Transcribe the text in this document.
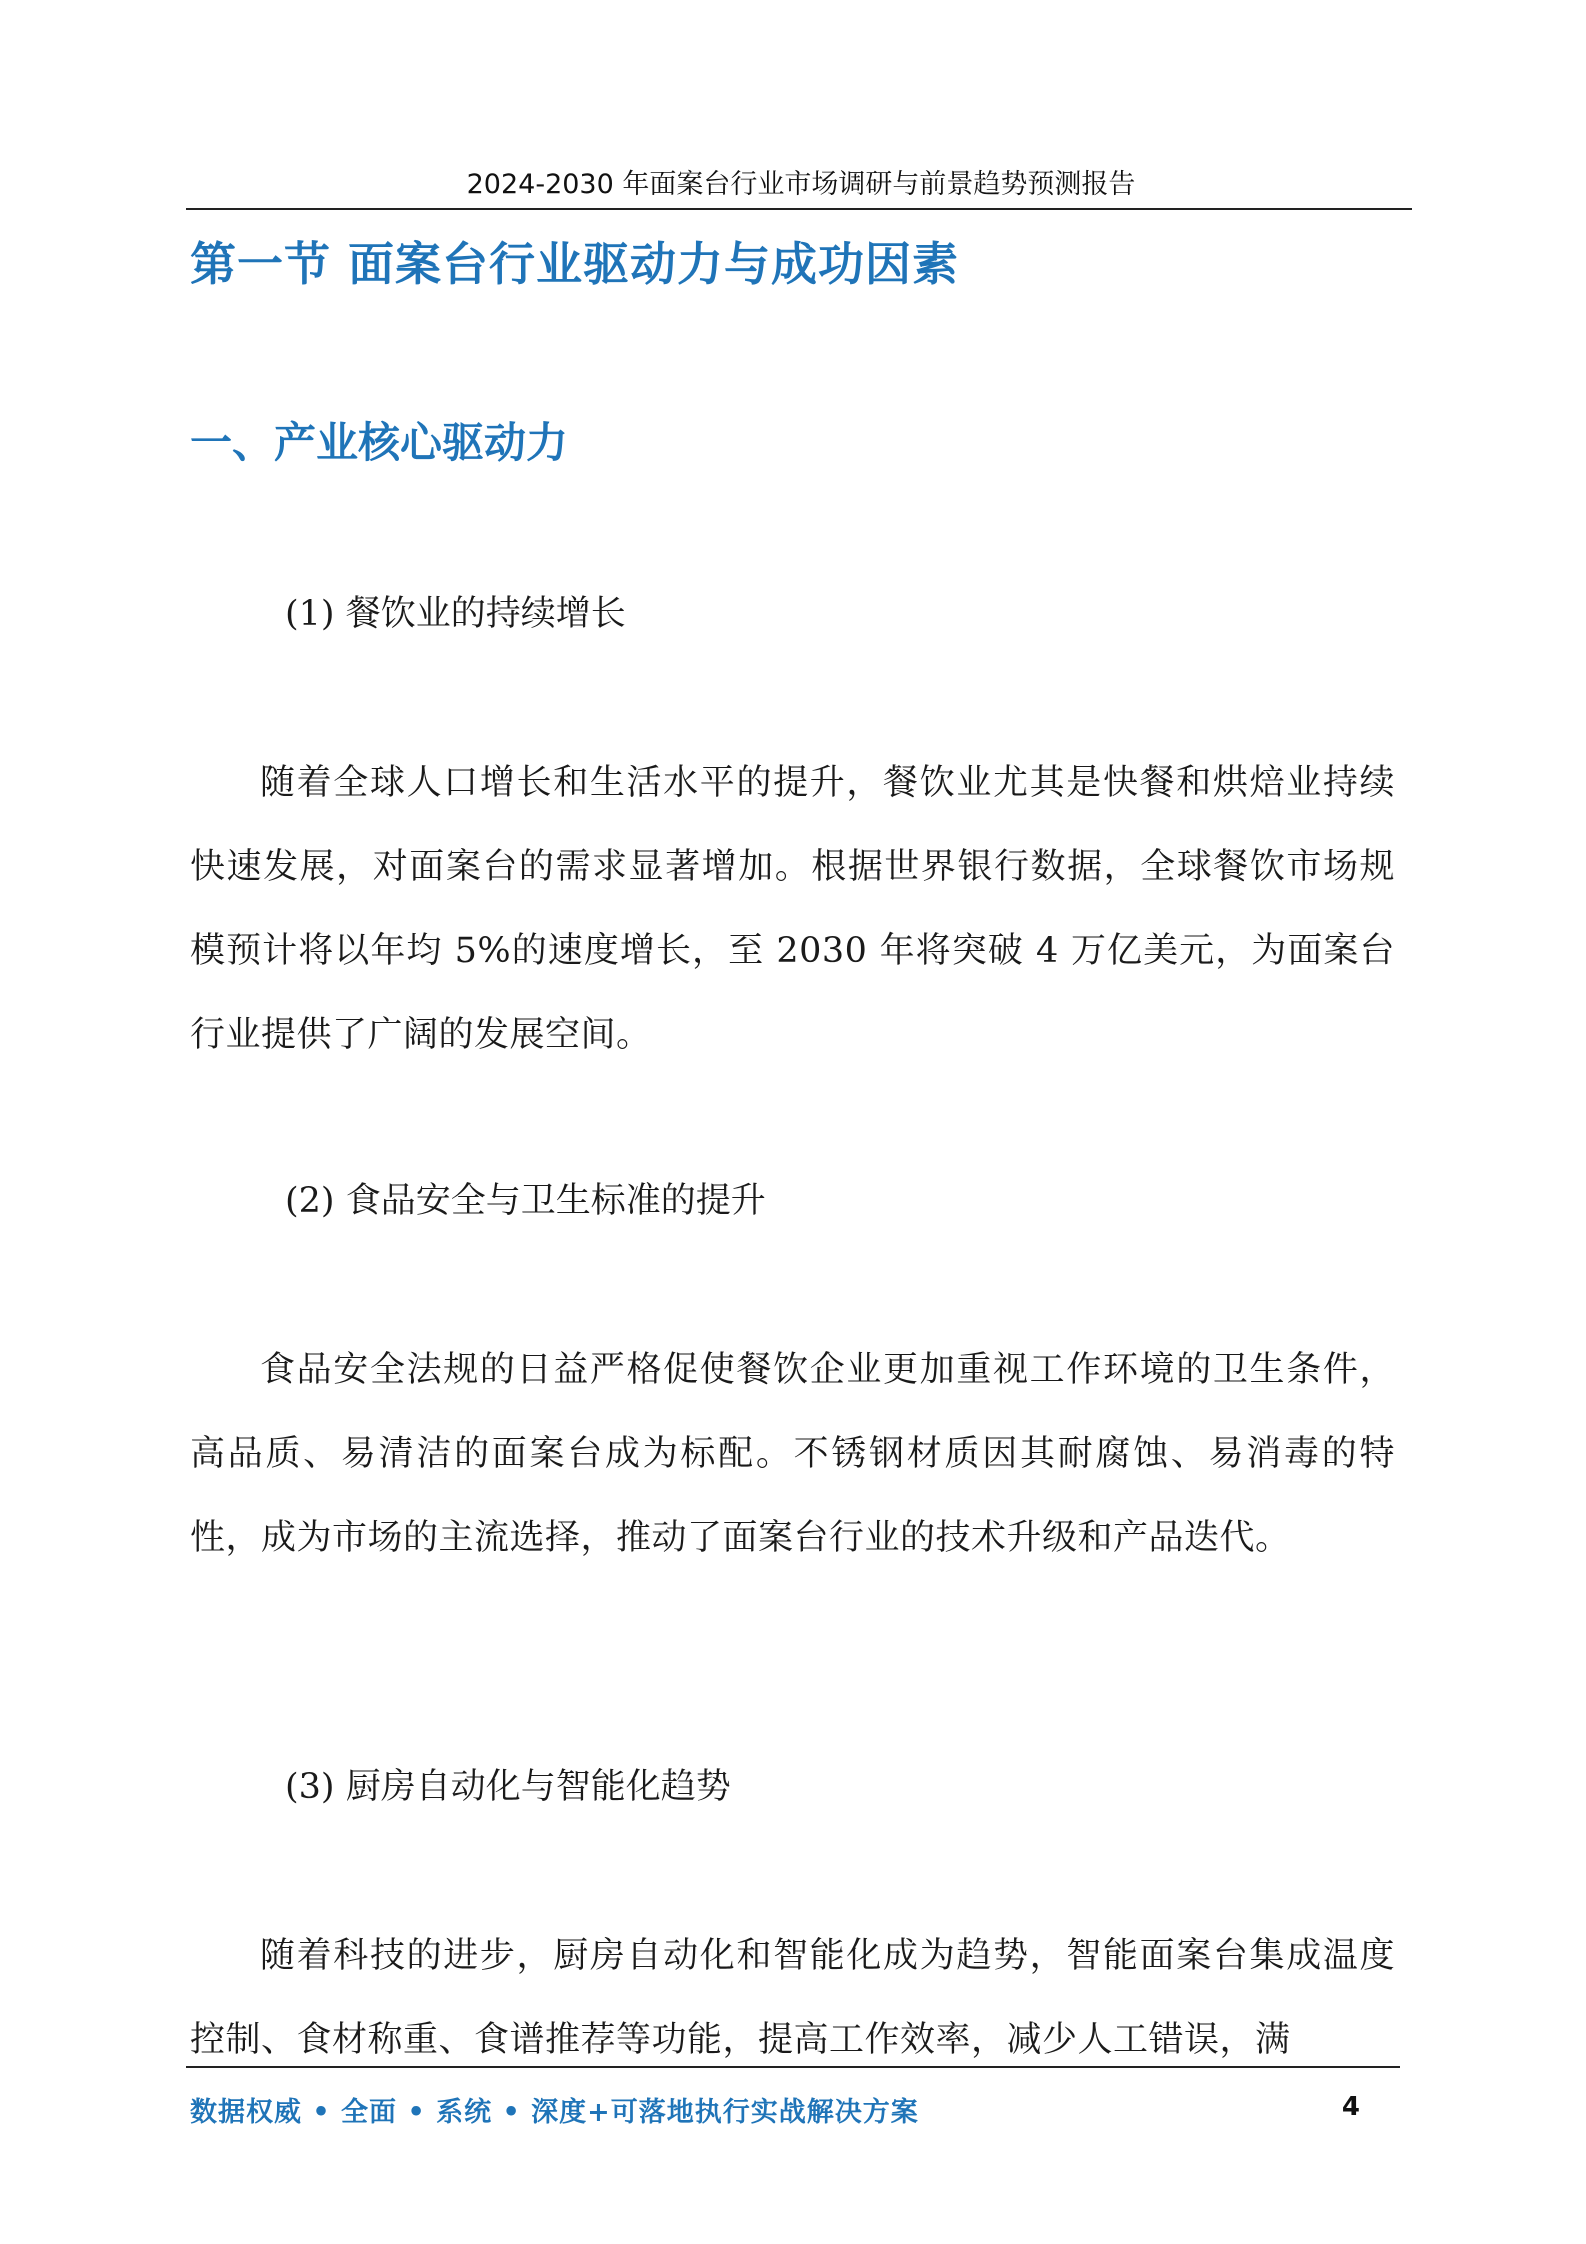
2024-2030 年面案台行业市场调研与前景趋势预测报告
第一节 面案台行业驱动力与成功因素
一、产业核心驱动力

(1) 餐饮业的持续增长

随着全球人口增长和生活水平的提升，餐饮业尤其是快餐和烘焙业持续快速发展，对面案台的需求显著增加。根据世界银行数据，全球餐饮市场规模预计将以年均 5%的速度增长，至 2030 年将突破 4 万亿美元，为面案台行业提供了广阔的发展空间。

(2) 食品安全与卫生标准的提升

食品安全法规的日益严格促使餐饮企业更加重视工作环境的卫生条件，高品质、易清洁的面案台成为标配。不锈钢材质因其耐腐蚀、易消毒的特性，成为市场的主流选择，推动了面案台行业的技术升级和产品迭代。

(3) 厨房自动化与智能化趋势

随着科技的进步，厨房自动化和智能化成为趋势，智能面案台集成温度控制、食材称重、食谱推荐等功能，提高工作效率，减少人工错误，满

数据权威 • 全面 • 系统 • 深度+可落地执行实战解决方案	4
